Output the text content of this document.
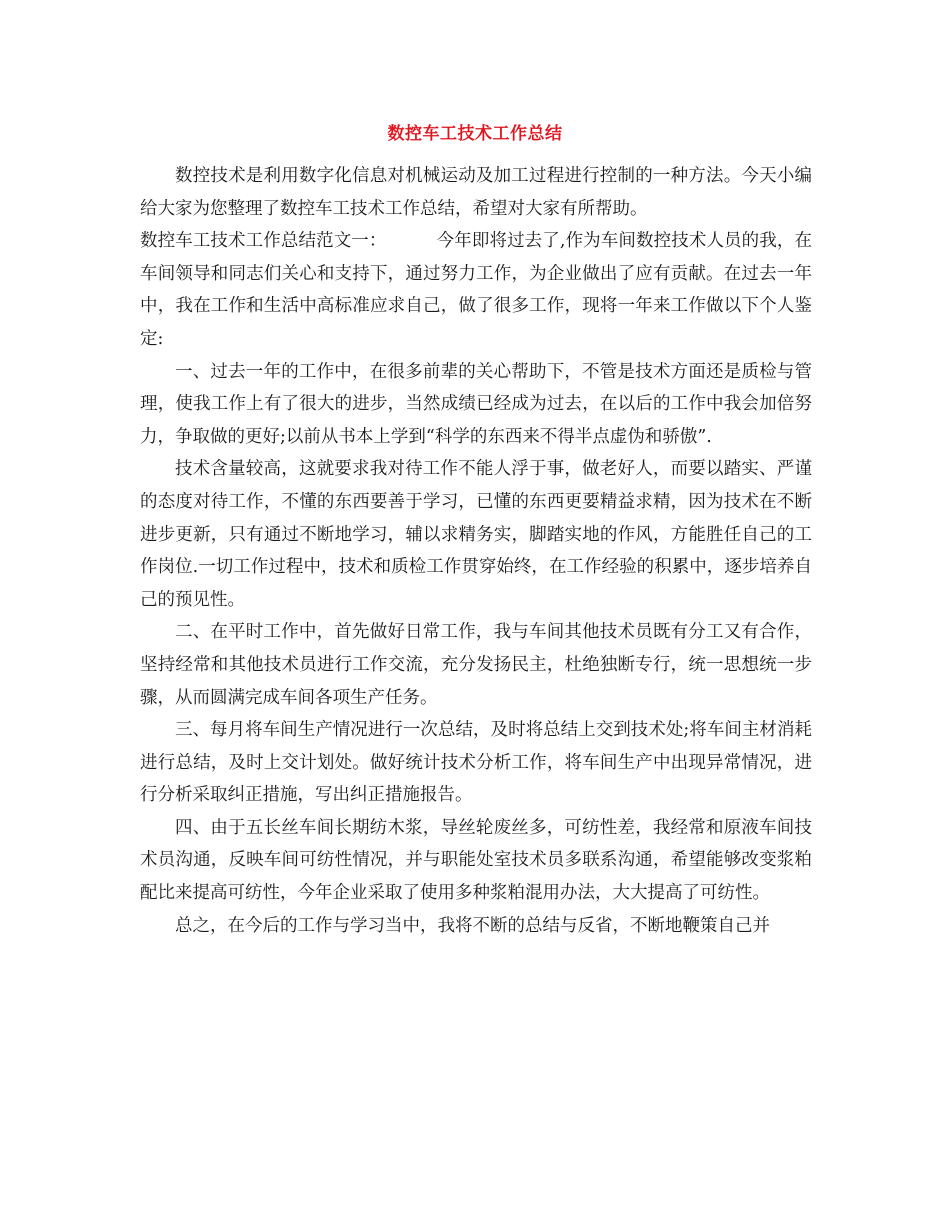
数控车工技术工作总结

数控技术是利用数字化信息对机械运动及加工过程进行控制的一种方法。今天小编给大家为您整理了数控车工技术工作总结，希望对大家有所帮助。

数控车工技术工作总结范文一：	今年即将过去了,作为车间数控技术人员的我，在车间领导和同志们关心和支持下，通过努力工作，为企业做出了应有贡献。在过去一年中，我在工作和生活中高标准应求自己，做了很多工作，现将一年来工作做以下个人鉴定:

一、过去一年的工作中，在很多前辈的关心帮助下，不管是技术方面还是质检与管理，使我工作上有了很大的进步，当然成绩已经成为过去，在以后的工作中我会加倍努力，争取做的更好;以前从书本上学到“科学的东西来不得半点虚伪和骄傲”.

技术含量较高，这就要求我对待工作不能人浮于事，做老好人，而要以踏实、严谨的态度对待工作，不懂的东西要善于学习，已懂的东西更要精益求精，因为技术在不断进步更新，只有通过不断地学习，辅以求精务实，脚踏实地的作风，方能胜任自己的工作岗位.一切工作过程中，技术和质检工作贯穿始终，在工作经验的积累中，逐步培养自己的预见性。

二、在平时工作中，首先做好日常工作，我与车间其他技术员既有分工又有合作，坚持经常和其他技术员进行工作交流，充分发扬民主，杜绝独断专行，统一思想统一步骤，从而圆满完成车间各项生产任务。

三、每月将车间生产情况进行一次总结，及时将总结上交到技术处;将车间主材消耗进行总结，及时上交计划处。做好统计技术分析工作，将车间生产中出现异常情况，进行分析采取纠正措施，写出纠正措施报告。

四、由于五长丝车间长期纺木浆，导丝轮废丝多，可纺性差，我经常和原液车间技术员沟通，反映车间可纺性情况，并与职能处室技术员多联系沟通，希望能够改变浆粕配比来提高可纺性，今年企业采取了使用多种浆粕混用办法，大大提高了可纺性。

总之，在今后的工作与学习当中，我将不断的总结与反省，不断地鞭策自己并
